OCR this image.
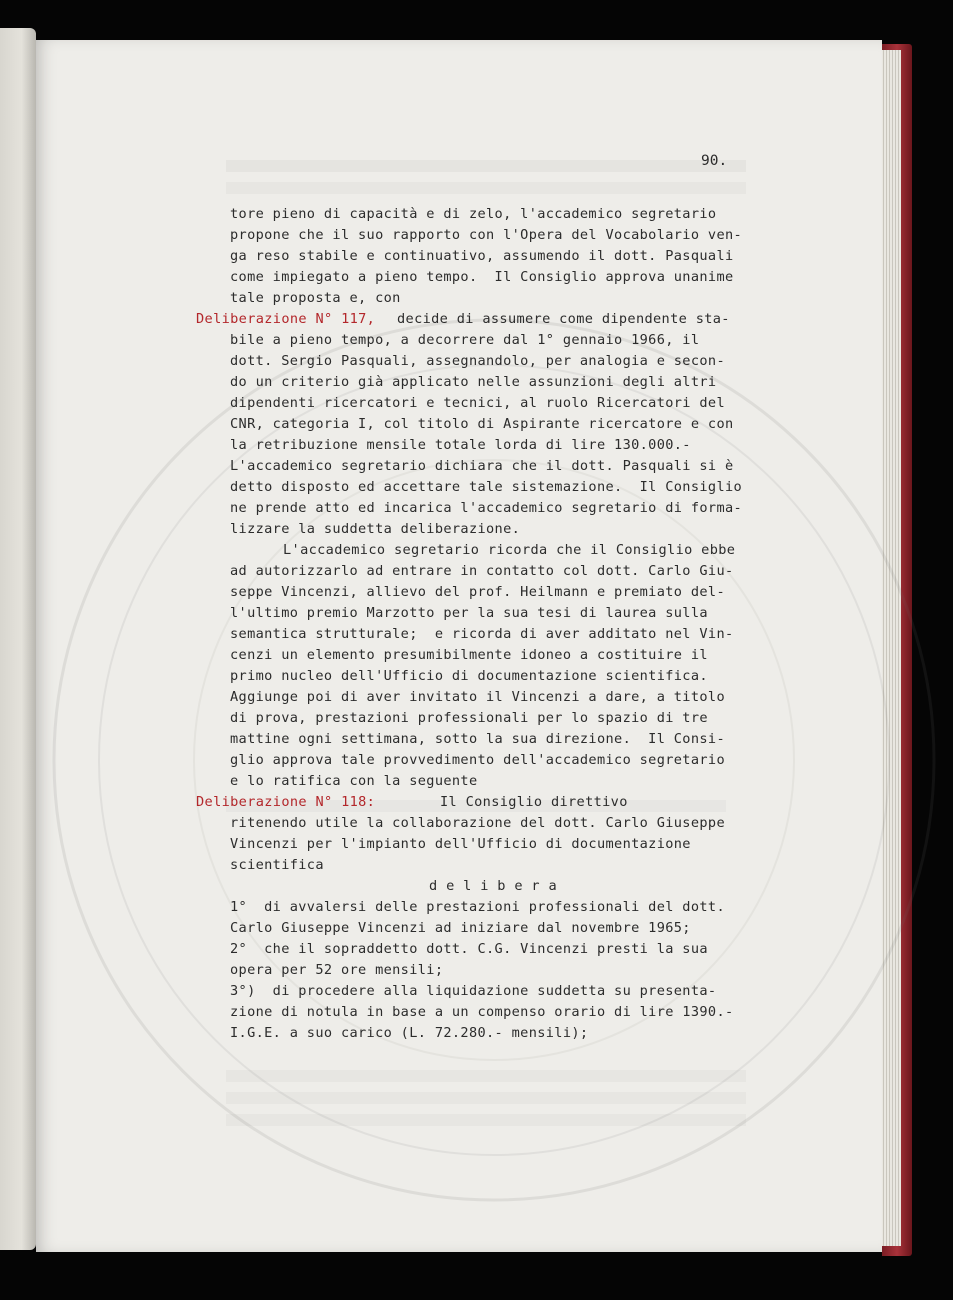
90.
tore pieno di capacità e di zelo, l'accademico segretario
propone che il suo rapporto con l'Opera del Vocabolario ven-
ga reso stabile e continuativo, assumendo il dott. Pasquali
come impiegato a pieno tempo.  Il Consiglio approva unanime
tale proposta e, con
Deliberazione N° 117, decide di assumere come dipendente sta-
bile a pieno tempo, a decorrere dal 1° gennaio 1966, il
dott. Sergio Pasquali, assegnandolo, per analogia e secon-
do un criterio già applicato nelle assunzioni degli altri
dipendenti ricercatori e tecnici, al ruolo Ricercatori del
CNR, categoria I, col titolo di Aspirante ricercatore e con
la retribuzione mensile totale lorda di lire 130.000.-
L'accademico segretario dichiara che il dott. Pasquali si è
detto disposto ed accettare tale sistemazione.  Il Consiglio
ne prende atto ed incarica l'accademico segretario di forma-
lizzare la suddetta deliberazione.
L'accademico segretario ricorda che il Consiglio ebbe
ad autorizzarlo ad entrare in contatto col dott. Carlo Giu-
seppe Vincenzi, allievo del prof. Heilmann e premiato del-
l'ultimo premio Marzotto per la sua tesi di laurea sulla
semantica strutturale;  e ricorda di aver additato nel Vin-
cenzi un elemento presumibilmente idoneo a costituire il
primo nucleo dell'Ufficio di documentazione scientifica.
Aggiunge poi di aver invitato il Vincenzi a dare, a titolo
di prova, prestazioni professionali per lo spazio di tre
mattine ogni settimana, sotto la sua direzione.  Il Consi-
glio approva tale provvedimento dell'accademico segretario
e lo ratifica con la seguente
Deliberazione N° 118:	Il Consiglio direttivo
ritenendo utile la collaborazione del dott. Carlo Giuseppe
Vincenzi per l'impianto dell'Ufficio di documentazione
scientifica
d e l i b e r a
1°  di avvalersi delle prestazioni professionali del dott.
Carlo Giuseppe Vincenzi ad iniziare dal novembre 1965;
2°  che il sopraddetto dott. C.G. Vincenzi presti la sua
opera per 52 ore mensili;
3°)  di procedere alla liquidazione suddetta su presenta-
zione di notula in base a un compenso orario di lire 1390.-
I.G.E. a suo carico (L. 72.280.- mensili);
